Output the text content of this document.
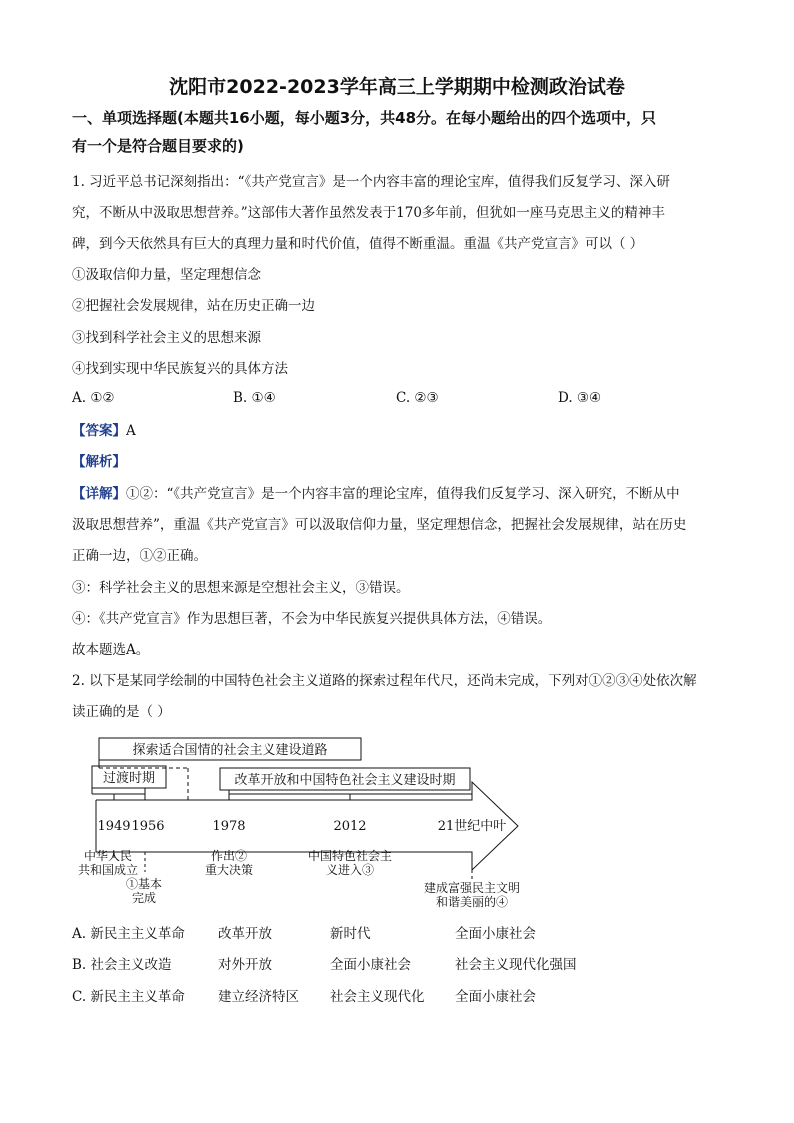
沈阳市2022-2023学年高三上学期期中检测政治试卷
一、单项选择题(本题共16小题，每小题3分，共48分。在每小题给出的四个选项中，只
有一个是符合题目要求的)
1. 习近平总书记深刻指出：“《共产党宣言》是一个内容丰富的理论宝库，值得我们反复学习、深入研
究，不断从中汲取思想营养。”这部伟大著作虽然发表于170多年前，但犹如一座马克思主义的精神丰
碑，到今天依然具有巨大的真理力量和时代价值，值得不断重温。重温《共产党宣言》可以（ ）
①汲取信仰力量，坚定理想信念
②把握社会发展规律，站在历史正确一边
③找到科学社会主义的思想来源
④找到实现中华民族复兴的具体方法
A. ①②	B. ①④	C. ②③	D. ③④
【答案】A
【解析】
【详解】①②：“《共产党宣言》是一个内容丰富的理论宝库，值得我们反复学习、深入研究，不断从中
汲取思想营养”，重温《共产党宣言》可以汲取信仰力量，坚定理想信念，把握社会发展规律，站在历史
正确一边，①②正确。
③：科学社会主义的思想来源是空想社会主义，③错误。
④：《共产党宣言》作为思想巨著，不会为中华民族复兴提供具体方法，④错误。
故本题选A。
2. 以下是某同学绘制的中国特色社会主义道路的探索过程年代尺，还尚未完成，下列对①②③④处依次解
读正确的是（ ）
探索适合国情的社会主义建设道路
过渡时期	改革开放和中国特色社会主义建设时期
1949 1956	1978	2012	21世纪中叶
中华人民
共和国成立
①基本
完成
作出②
重大决策
中国特色社会主
义进入③
建成富强民主文明
和谐美丽的④
A. 新民主主义革命 改革开放	新时代	全面小康社会
B. 社会主义改造	对外开放	全面小康社会	社会主义现代化强国
C. 新民主主义革命 建立经济特区 社会主义现代化 全面小康社会
